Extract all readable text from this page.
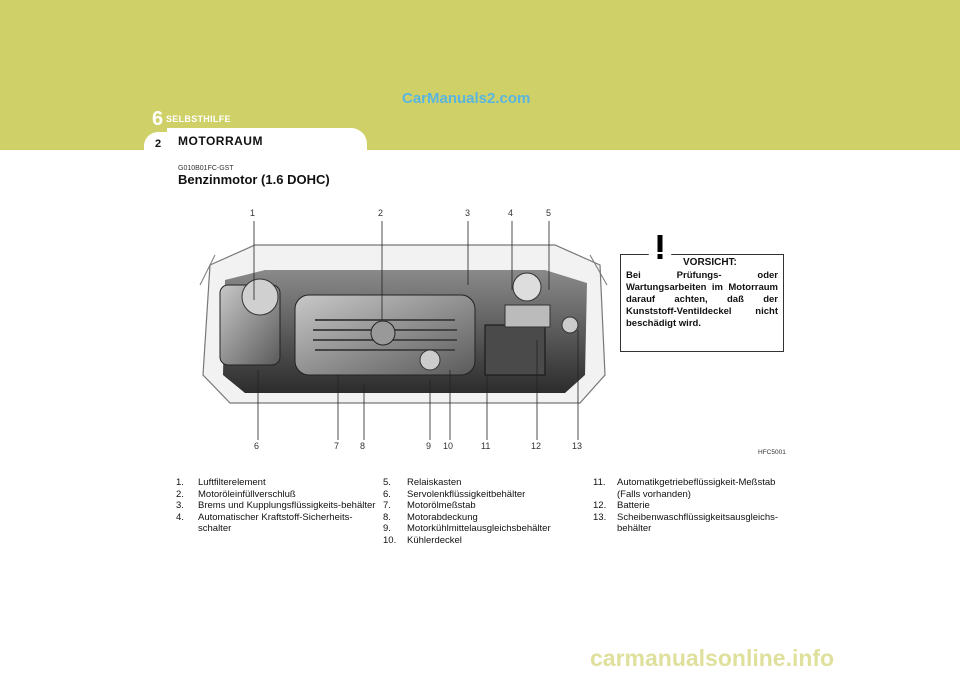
6 SELBSTHILFE
2 MOTORRAUM
CarManuals2.com
G010B01FC-GST
Benzinmotor (1.6 DOHC)
1	2	3	4	5
6	7 8	9 10	11	12	13
HFC5001
VORSICHT:
Bei Prüfungs- oder Wartungsarbeiten im Motorraum darauf achten, daß der Kunststoff-Ventildeckel nicht beschädigt wird.
1. Luftfilterelement
2. Motoröleinfüllverschluß
3. Brems und Kupplungsflüssigkeits-behälter
4. Automatischer Kraftstoff-Sicherheits-schalter
5. Relaiskasten
6. Servolenkflüssigkeitbehälter
7. Motorölmeßstab
8. Motorabdeckung
9. Motorkühlmittelausgleichsbehälter
10. Kühlerdeckel
11. Automatikgetriebeflüssigkeit-Meßstab (Falls vorhanden)
12. Batterie
13. Scheibenwaschflüssigkeitsausgleichs-behälter
carmanualsonline.info
